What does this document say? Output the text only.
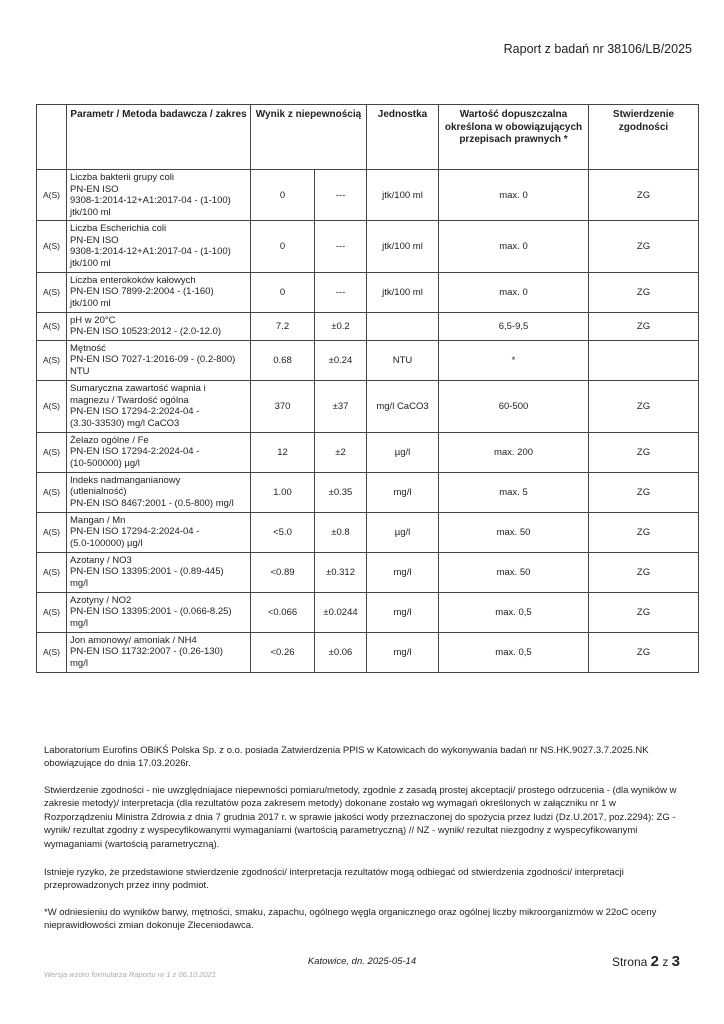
Raport z badań nr 38106/LB/2025
	Parametr / Metoda badawcza / zakres	Wynik z niepewnością		Jednostka	Wartość dopuszczalna określona w obowiązujących przepisach prawnych *	Stwierdzenie zgodności
A(S)	Liczba bakterii grupy coli
PN-EN ISO
9308-1:2014-12+A1:2017-04 - (1-100)
jtk/100 ml	0	---	jtk/100 ml	max. 0	ZG
A(S)	Liczba Escherichia coli
PN-EN ISO
9308-1:2014-12+A1:2017-04 - (1-100)
jtk/100 ml	0	---	jtk/100 ml	max. 0	ZG
A(S)	Liczba enterokoków kałowych
PN-EN ISO 7899-2:2004 - (1-160)
jtk/100 ml	0	---	jtk/100 ml	max. 0	ZG
A(S)	pH w 20°C
PN-EN ISO 10523:2012 - (2.0-12.0)	7.2	±0.2		6,5-9,5	ZG
A(S)	Mętność
PN-EN ISO 7027-1:2016-09 - (0.2-800)
NTU	0.68	±0.24	NTU	*	
A(S)	Sumaryczna zawartość wapnia i
magnezu / Twardość ogólna
PN-EN ISO 17294-2:2024-04 -
(3.30-33530) mg/l CaCO3	370	±37	mg/l CaCO3	60-500	ZG
A(S)	Żelazo ogólne / Fe
PN-EN ISO 17294-2:2024-04 -
(10-500000) µg/l	12	±2	µg/l	max. 200	ZG
A(S)	Indeks nadmanganianowy
(utlenialność)
PN-EN ISO 8467:2001 - (0.5-800) mg/l	1.00	±0.35	mg/l	max. 5	ZG
A(S)	Mangan / Mn
PN-EN ISO 17294-2:2024-04 -
(5.0-100000) µg/l	<5.0	±0.8	µg/l	max. 50	ZG
A(S)	Azotany / NO3
PN-EN ISO 13395:2001 - (0.89-445)
mg/l	<0.89	±0.312	mg/l	max. 50	ZG
A(S)	Azotyny / NO2
PN-EN ISO 13395:2001 - (0.066-8.25)
mg/l	<0.066	±0.0244	mg/l	max. 0,5	ZG
A(S)	Jon amonowy/ amoniak / NH4
PN-EN ISO 11732:2007 - (0.26-130)
mg/l	<0.26	±0.06	mg/l	max. 0,5	ZG

Laboratorium Eurofins OBiKŚ Polska Sp. z o.o. posiada Zatwierdzenia PPIS w Katowicach do wykonywania badań nr NS.HK.9027.3.7.2025.NK obowiązujące do dnia 17.03.2026r.

Stwierdzenie zgodności - nie uwzględniajace niepewności pomiaru/metody, zgodnie z zasadą prostej akceptacji/ prostego odrzucenia - (dla wyników w zakresie metody)/ interpretacja (dla rezultatów poza zakresem metody) dokonane zostało wg wymagań określonych w załączniku nr 1 w Rozporządzeniu Ministra Zdrowia z dnia 7 grudnia 2017 r. w sprawie jakości wody przeznaczonej do spożycia przez ludzi (Dz.U.2017, poz.2294): ZG - wynik/ rezultat zgodny z wyspecyfikowanymi wymaganiami (wartością parametryczną) // NZ - wynik/ rezultat niezgodny z wyspecyfikowanymi wymaganiami (wartością parametryczną).

Istnieje ryzyko, że przedstawione stwierdzenie zgodności/ interpretacja rezultatów mogą odbiegać od stwierdzenia zgodności/ interpretacji przeprowadzonych przez inny podmiot.

*W odniesieniu do wyników barwy, mętności, smaku, zapachu, ogólnego węgla organicznego oraz ogólnej liczby mikroorganizmów w 22oC oceny nieprawidłowości zmian dokonuje Zleceniodawca.

Katowice, dn. 2025-05-14	Strona 2 z 3
Wersja wzoru formularza Raportu nr 1 z 06.10.2021
